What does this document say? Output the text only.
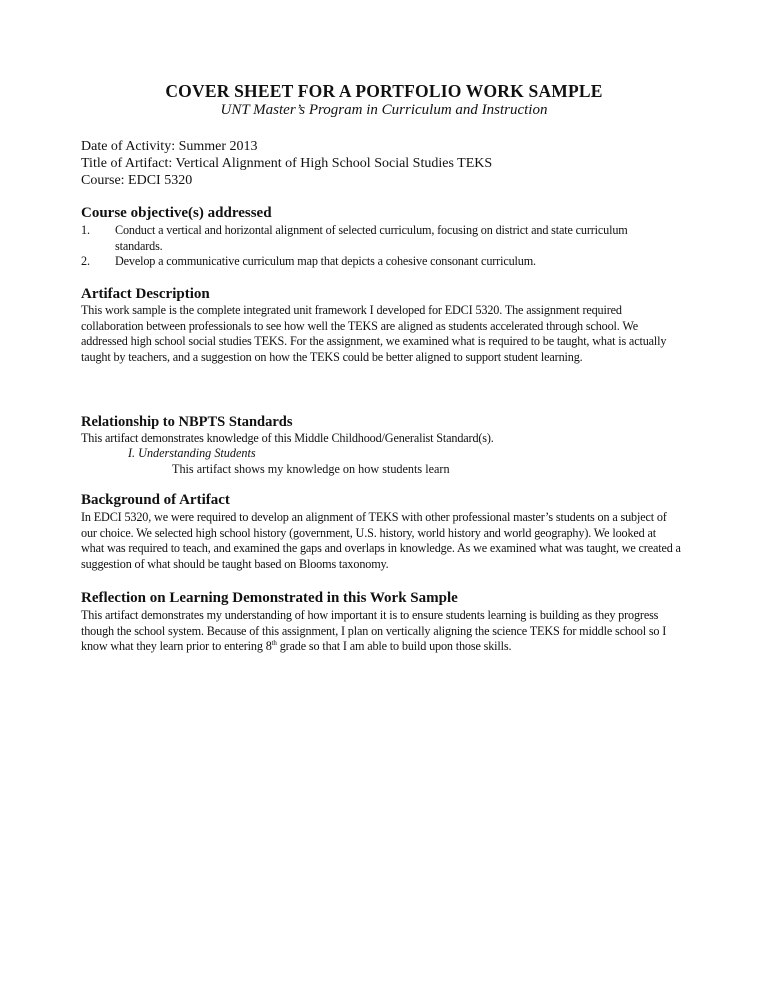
COVER SHEET FOR A PORTFOLIO WORK SAMPLE
UNT Master’s Program in Curriculum and Instruction
Date of Activity: Summer 2013
Title of Artifact: Vertical Alignment of High School Social Studies TEKS
Course: EDCI 5320
Course objective(s) addressed
1. Conduct a vertical and horizontal alignment of selected curriculum, focusing on district and state curriculum standards.
2. Develop a communicative curriculum map that depicts a cohesive consonant curriculum.
Artifact Description
This work sample is the complete integrated unit framework I developed for EDCI 5320. The assignment required collaboration between professionals to see how well the TEKS are aligned as students accelerated through school. We addressed high school social studies TEKS. For the assignment, we examined what is required to be taught, what is actually taught by teachers, and a suggestion on how the TEKS could be better aligned to support student learning.
Relationship to NBPTS Standards
This artifact demonstrates knowledge of this Middle Childhood/Generalist Standard(s).
I. Understanding Students
This artifact shows my knowledge on how students learn
Background of Artifact
In EDCI 5320, we were required to develop an alignment of TEKS with other professional master’s students on a subject of our choice. We selected high school history (government, U.S. history, world history and world geography). We looked at what was required to teach, and examined the gaps and overlaps in knowledge. As we examined what was taught, we created a suggestion of what should be taught based on Blooms taxonomy.
Reflection on Learning Demonstrated in this Work Sample
This artifact demonstrates my understanding of how important it is to ensure students learning is building as they progress though the school system. Because of this assignment, I plan on vertically aligning the science TEKS for middle school so I know what they learn prior to entering 8th grade so that I am able to build upon those skills.
